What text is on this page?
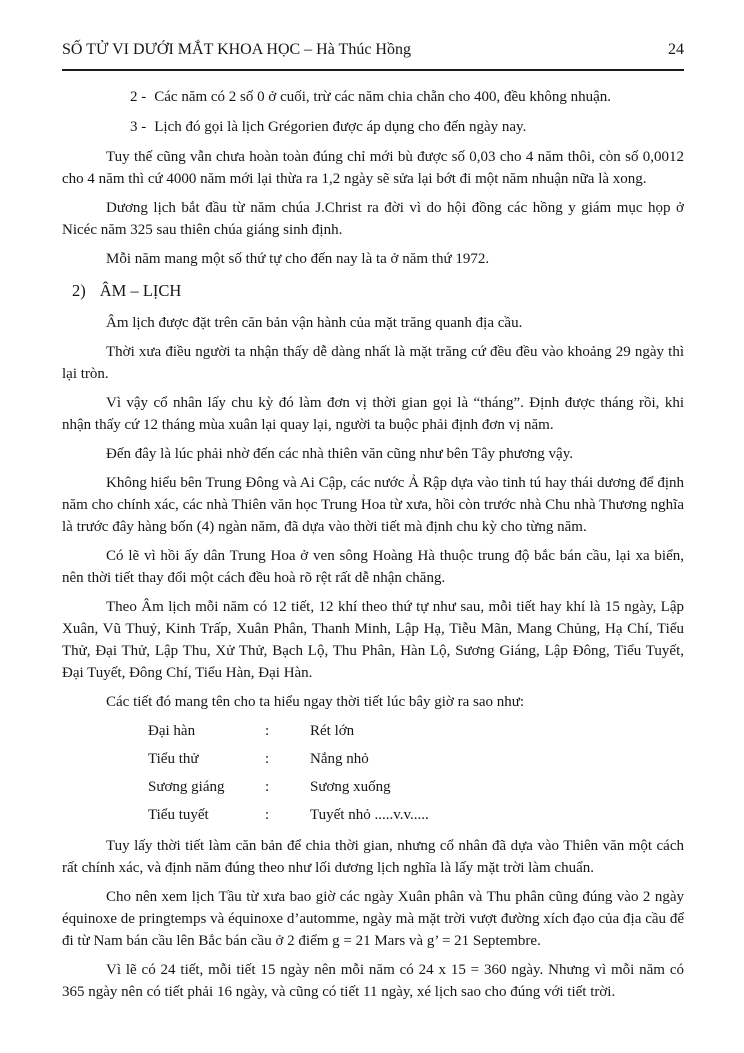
SỐ TỬ VI DƯỚI MẮT KHOA HỌC – Hà Thúc Hồng	24
2 - Các năm có 2 số 0 ở cuối, trừ các năm chia chẵn cho 400, đều không nhuận.
3 - Lịch đó gọi là lịch Grégorien được áp dụng cho đến ngày nay.

Tuy thế cũng vẫn chưa hoàn toàn đúng chỉ mới bù được số 0,03 cho 4 năm thôi, còn số 0,0012 cho 4 năm thì cứ 4000 năm mới lại thừa ra 1,2 ngày sẽ sửa lại bớt đi một năm nhuận nữa là xong.

Dương lịch bắt đầu từ năm chúa J.Christ ra đời vì do hội đồng các hồng y giám mục họp ở Nicéc năm 325 sau thiên chúa giáng sinh định.

Mỗi năm mang một số thứ tự cho đến nay là ta ở năm thứ 1972.

2) ÂM – LỊCH

Âm lịch được đặt trên căn bản vận hành của mặt trăng quanh địa cầu.

Thời xưa điều người ta nhận thấy dễ dàng nhất là mặt trăng cứ đều đều vào khoảng 29 ngày thì lại tròn.

Vì vậy cổ nhân lấy chu kỳ đó làm đơn vị thời gian gọi là “tháng”. Định được tháng rồi, khi nhận thấy cứ 12 tháng mùa xuân lại quay lại, người ta buộc phải định đơn vị năm.

Đến đây là lúc phải nhờ đến các nhà thiên văn cũng như bên Tây phương vậy.

Không hiểu bên Trung Đông và Ai Cập, các nước Ả Rập dựa vào tinh tú hay thái dương để định năm cho chính xác, các nhà Thiên văn học Trung Hoa từ xưa, hồi còn trước nhà Chu nhà Thương nghĩa là trước đây hàng bốn (4) ngàn năm, đã dựa vào thời tiết mà định chu kỳ cho từng năm.

Có lẽ vì hồi ấy dân Trung Hoa ở ven sông Hoàng Hà thuộc trung độ bắc bán cầu, lại xa biển, nên thời tiết thay đổi một cách đều hoà rõ rệt rất dễ nhận chăng.

Theo Âm lịch mỗi năm có 12 tiết, 12 khí theo thứ tự như sau, mỗi tiết hay khí là 15 ngày, Lập Xuân, Vũ Thuỷ, Kinh Trấp, Xuân Phân, Thanh Minh, Lập Hạ, Tiễu Mãn, Mang Chủng, Hạ Chí, Tiểu Thử, Đại Thử, Lập Thu, Xử Thử, Bạch Lộ, Thu Phân, Hàn Lộ, Sương Giáng, Lập Đông, Tiểu Tuyết, Đại Tuyết, Đông Chí, Tiểu Hàn, Đại Hàn.

Các tiết đó mang tên cho ta hiểu ngay thời tiết lúc bây giờ ra sao như:

Đại hàn	:	Rét lớn
Tiểu thử	:	Nắng nhỏ
Sương giáng	:	Sương xuống
Tiểu tuyết	:	Tuyết nhỏ .....v.v.....

Tuy lấy thời tiết làm căn bản để chia thời gian, nhưng cổ nhân đã dựa vào Thiên văn một cách rất chính xác, và định năm đúng theo như lối dương lịch nghĩa là lấy mặt trời làm chuẩn.

Cho nên xem lịch Tầu từ xưa bao giờ các ngày Xuân phân và Thu phân cũng đúng vào 2 ngày équinoxe de pringtemps và équinoxe d’automme, ngày mà mặt trời vượt đường xích đạo của địa cầu để đi từ Nam bán cầu lên Bắc bán cầu ở 2 điểm g = 21 Mars và g’ = 21 Septembre.

Vì lẽ có 24 tiết, mỗi tiết 15 ngày nên mỗi năm có 24 x 15 = 360 ngày. Nhưng vì mỗi năm có 365 ngày nên có tiết phải 16 ngày, và cũng có tiết 11 ngày, xé lịch sao cho đúng với tiết trời.
